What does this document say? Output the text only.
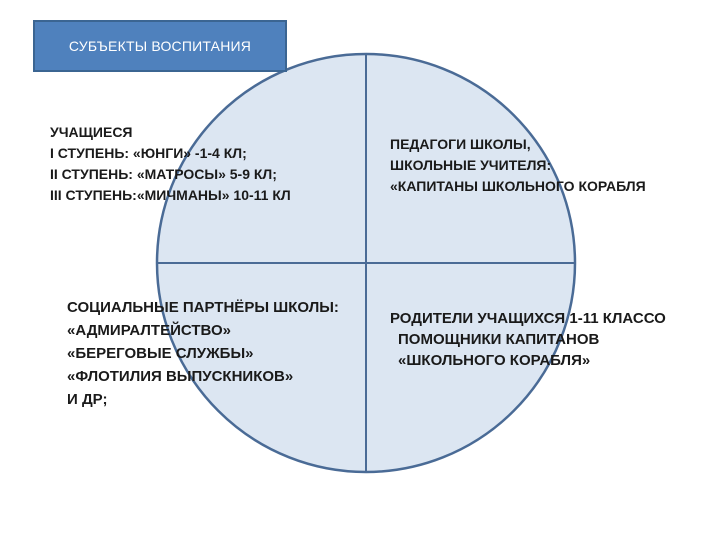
СУБЪЕКТЫ ВОСПИТАНИЯ
УЧАЩИЕСЯ
I СТУПЕНЬ: «ЮНГИ» -1-4 КЛ;
II СТУПЕНЬ: «МАТРОСЫ» 5-9 КЛ;
III СТУПЕНЬ:«МИЧМАНЫ» 10-11 КЛ
ПЕДАГОГИ ШКОЛЫ,
ШКОЛЬНЫЕ УЧИТЕЛЯ:
«КАПИТАНЫ ШКОЛЬНОГО КОРАБЛЯ
СОЦИАЛЬНЫЕ ПАРТНЁРЫ ШКОЛЫ:
«АДМИРАЛТЕЙСТВО»
«БЕРЕГОВЫЕ СЛУЖБЫ»
«ФЛОТИЛИЯ ВЫПУСКНИКОВ»
И ДР;
РОДИТЕЛИ УЧАЩИХСЯ 1-11 КЛАССО
ПОМОЩНИКИ КАПИТАНОВ
«ШКОЛЬНОГО КОРАБЛЯ»
